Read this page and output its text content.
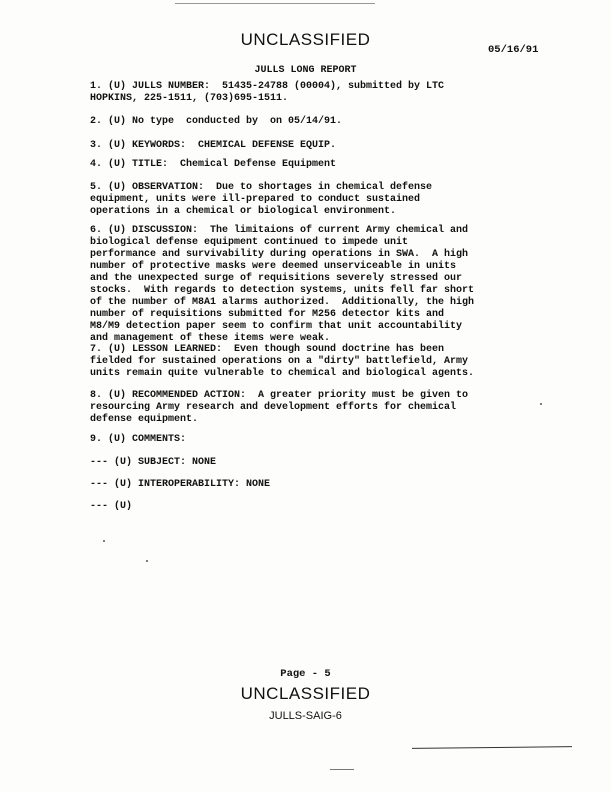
UNCLASSIFIED
05/16/91
JULLS LONG REPORT
1. (U) JULLS NUMBER:  51435-24788 (00004), submitted by LTC
HOPKINS, 225-1511, (703)695-1511.
2. (U) No type  conducted by  on 05/14/91.
3. (U) KEYWORDS:  CHEMICAL DEFENSE EQUIP.
4. (U) TITLE:  Chemical Defense Equipment
5. (U) OBSERVATION:  Due to shortages in chemical defense
equipment, units were ill-prepared to conduct sustained
operations in a chemical or biological environment.
6. (U) DISCUSSION:  The limitaions of current Army chemical and
biological defense equipment continued to impede unit
performance and survivability during operations in SWA.  A high
number of protective masks were deemed unserviceable in units
and the unexpected surge of requisitions severely stressed our
stocks.  With regards to detection systems, units fell far short
of the number of M8A1 alarms authorized.  Additionally, the high
number of requisitions submitted for M256 detector kits and
M8/M9 detection paper seem to confirm that unit accountability
and management of these items were weak.
7. (U) LESSON LEARNED:  Even though sound doctrine has been
fielded for sustained operations on a "dirty" battlefield, Army
units remain quite vulnerable to chemical and biological agents.
8. (U) RECOMMENDED ACTION:  A greater priority must be given to
resourcing Army research and development efforts for chemical
defense equipment.
9. (U) COMMENTS:
--- (U) SUBJECT: NONE
--- (U) INTEROPERABILITY: NONE
--- (U)
Page - 5
UNCLASSIFIED
JULLS-SAIG-6
